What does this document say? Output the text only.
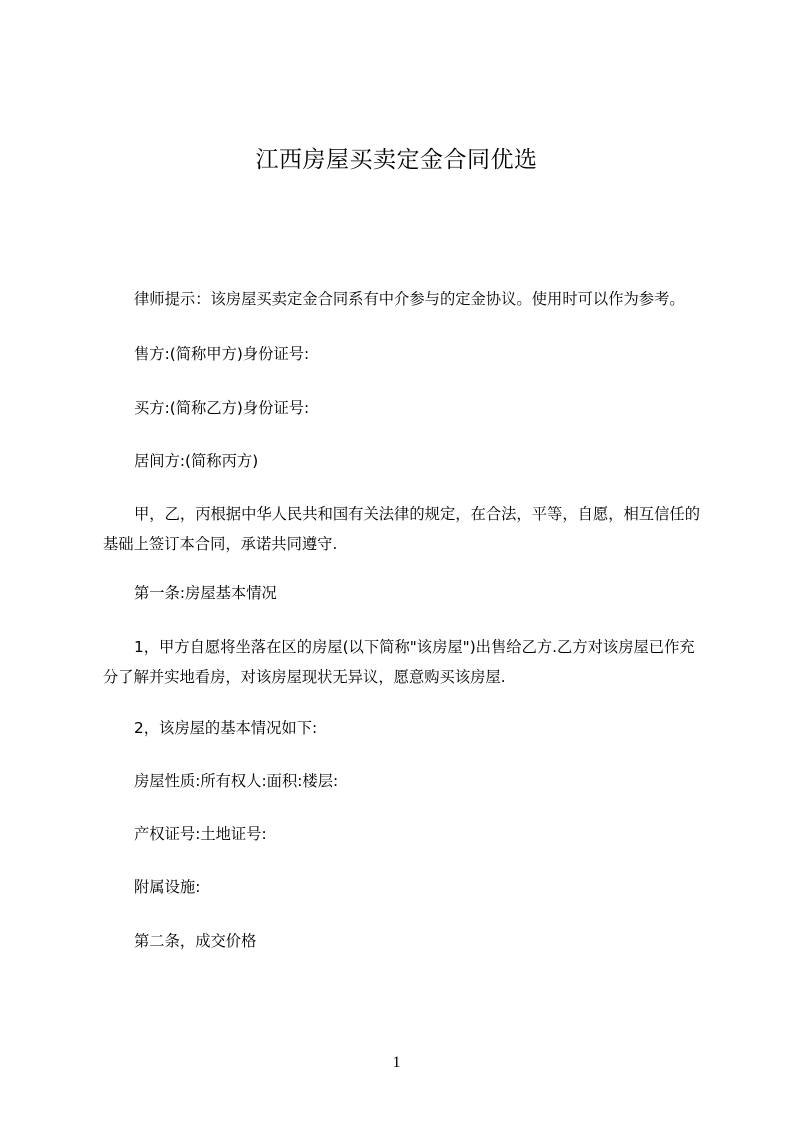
江西房屋买卖定金合同优选
律师提示：该房屋买卖定金合同系有中介参与的定金协议。使用时可以作为参考。
售方:(简称甲方)身份证号:
买方:(简称乙方)身份证号:
居间方:(简称丙方)
甲，乙，丙根据中华人民共和国有关法律的规定，在合法，平等，自愿，相互信任的基础上签订本合同，承诺共同遵守.
第一条:房屋基本情况
1，甲方自愿将坐落在区的房屋(以下简称"该房屋")出售给乙方.乙方对该房屋已作充分了解并实地看房，对该房屋现状无异议，愿意购买该房屋.
2，该房屋的基本情况如下:
房屋性质:所有权人:面积:楼层:
产权证号:土地证号:
附属设施:
第二条，成交价格
1
